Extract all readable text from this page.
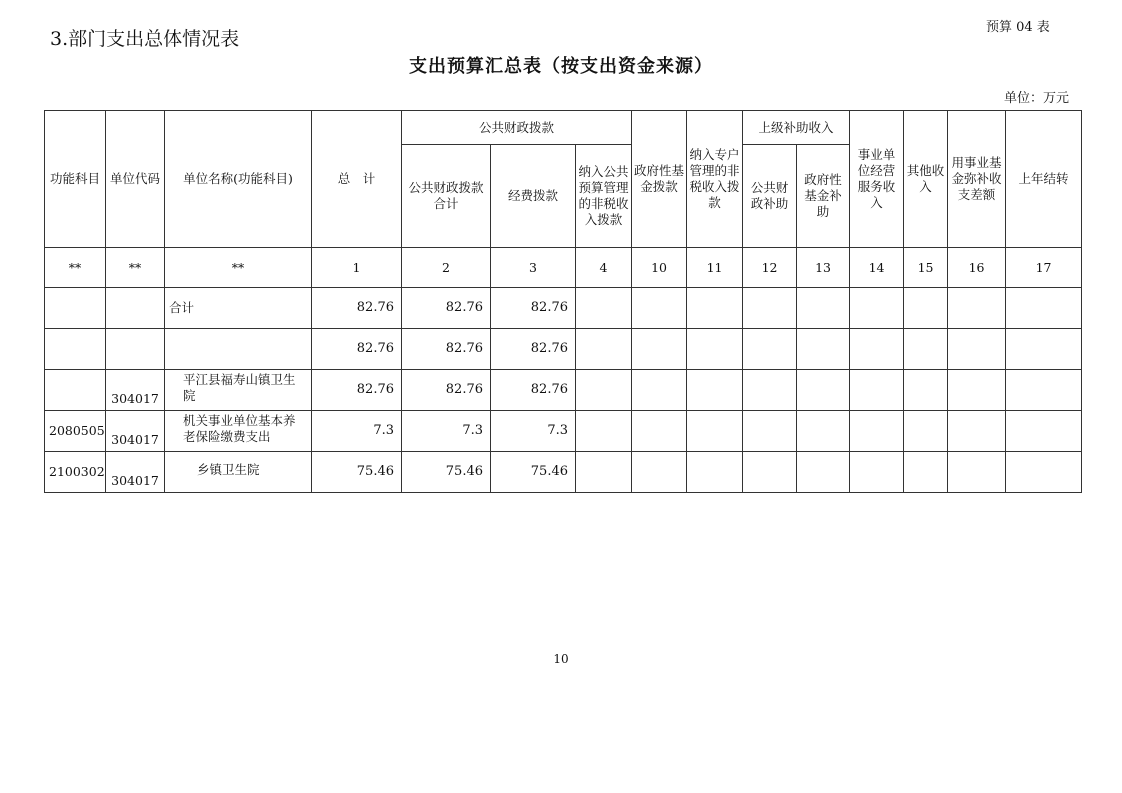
3.部门支出总体情况表
预算 04 表
支出预算汇总表（按支出资金来源）
单位：万元
功能科目	单位代码	单位名称(功能科目)	总　计	公共财政拨款			政府性基金拨款	纳入专户管理的非税收入拨款	上级补助收入		事业单位经营服务收入	其他收入	用事业基金弥补收支差额	上年结转
				公共财政拨款合计	经费拨款	纳入公共预算管理的非税收入拨款			公共财政补助	政府性基金补助				
**	**	**	1	2	3	4	10	11	12	13	14	15	16	17
		合计	82.76	82.76	82.76									
			82.76	82.76	82.76									
	304017	平江县福寿山镇卫生院	82.76	82.76	82.76									
2080505	304017	机关事业单位基本养老保险缴费支出	7.3	7.3	7.3									
2100302	304017	乡镇卫生院	75.46	75.46	75.46									
10
